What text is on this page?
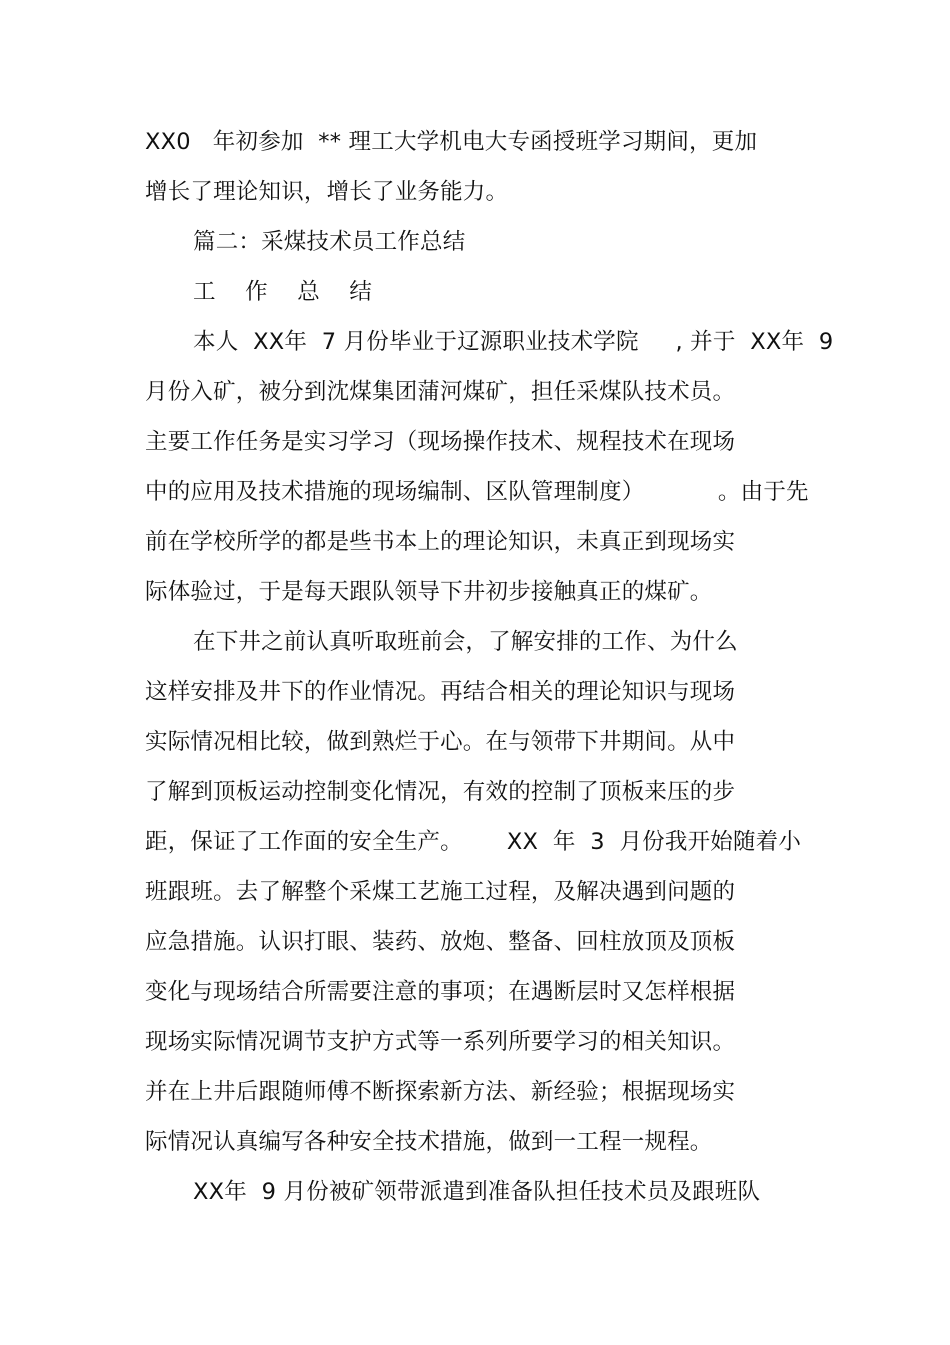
XX0   年初参加  ** 理工大学机电大专函授班学习期间，更加
增长了理论知识，增长了业务能力。
篇二：采煤技术员工作总结
工    作    总    结
本人  XX年  7 月份毕业于辽源职业技术学院     , 并于  XX年  9
月份入矿，被分到沈煤集团蒲河煤矿，担任采煤队技术员。
主要工作任务是实习学习（现场操作技术、规程技术在现场
中的应用及技术措施的现场编制、区队管理制度）          。由于先
前在学校所学的都是些书本上的理论知识，未真正到现场实
际体验过，于是每天跟队领导下井初步接触真正的煤矿。
在下井之前认真听取班前会，了解安排的工作、为什么
这样安排及井下的作业情况。再结合相关的理论知识与现场
实际情况相比较，做到熟烂于心。在与领带下井期间。从中
了解到顶板运动控制变化情况，有效的控制了顶板来压的步
距，保证了工作面的安全生产。      XX  年  3  月份我开始随着小
班跟班。去了解整个采煤工艺施工过程，及解决遇到问题的
应急措施。认识打眼、装药、放炮、整备、回柱放顶及顶板
变化与现场结合所需要注意的事项；在遇断层时又怎样根据
现场实际情况调节支护方式等一系列所要学习的相关知识。
并在上井后跟随师傅不断探索新方法、新经验；根据现场实
际情况认真编写各种安全技术措施，做到一工程一规程。
XX年  9 月份被矿领带派遣到准备队担任技术员及跟班队
